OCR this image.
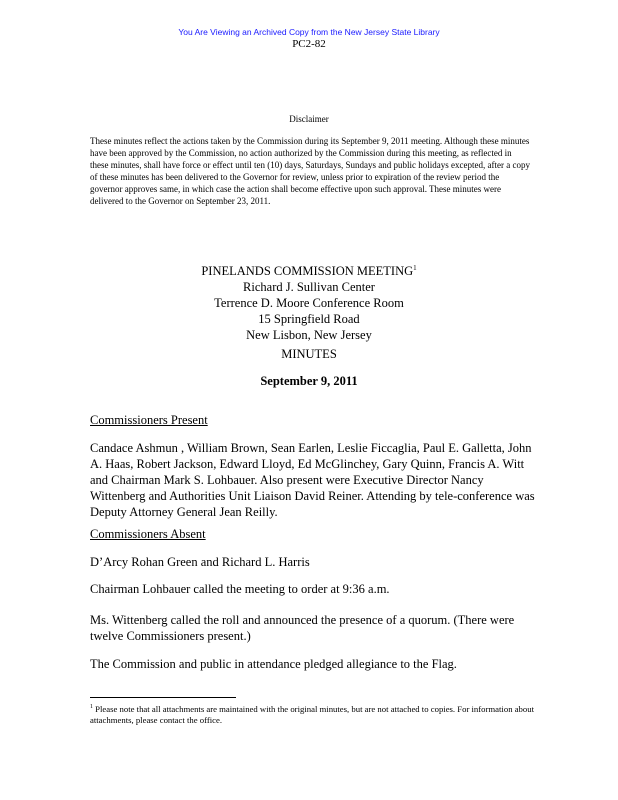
You Are Viewing an Archived Copy from the New Jersey State Library
PC2-82
Disclaimer
These minutes reflect the actions taken by the Commission during its September 9, 2011 meeting. Although these minutes have been approved by the Commission, no action authorized by the Commission during this meeting, as reflected in these minutes, shall have force or effect until ten (10) days, Saturdays, Sundays and public holidays excepted, after a copy of these minutes has been delivered to the Governor for review, unless prior to expiration of the review period the governor approves same, in which case the action shall become effective upon such approval. These minutes were delivered to the Governor on September 23, 2011.
PINELANDS COMMISSION MEETING$^1$
Richard J. Sullivan Center
Terrence D. Moore Conference Room
15 Springfield Road
New Lisbon, New Jersey
MINUTES
September 9, 2011
Commissioners Present
Candace Ashmun , William Brown, Sean Earlen, Leslie Ficcaglia, Paul E. Galletta, John A. Haas, Robert Jackson, Edward Lloyd, Ed McGlinchey, Gary Quinn, Francis A. Witt and Chairman Mark S. Lohbauer. Also present were Executive Director Nancy Wittenberg and Authorities Unit Liaison David Reiner. Attending by tele-conference was Deputy Attorney General Jean Reilly.
Commissioners Absent
D’Arcy Rohan Green and Richard L. Harris
Chairman Lohbauer called the meeting to order at 9:36 a.m.
Ms. Wittenberg called the roll and announced the presence of a quorum. (There were twelve Commissioners present.)
The Commission and public in attendance pledged allegiance to the Flag.
$^1$ Please note that all attachments are maintained with the original minutes, but are not attached to copies. For information about attachments, please contact the office.
